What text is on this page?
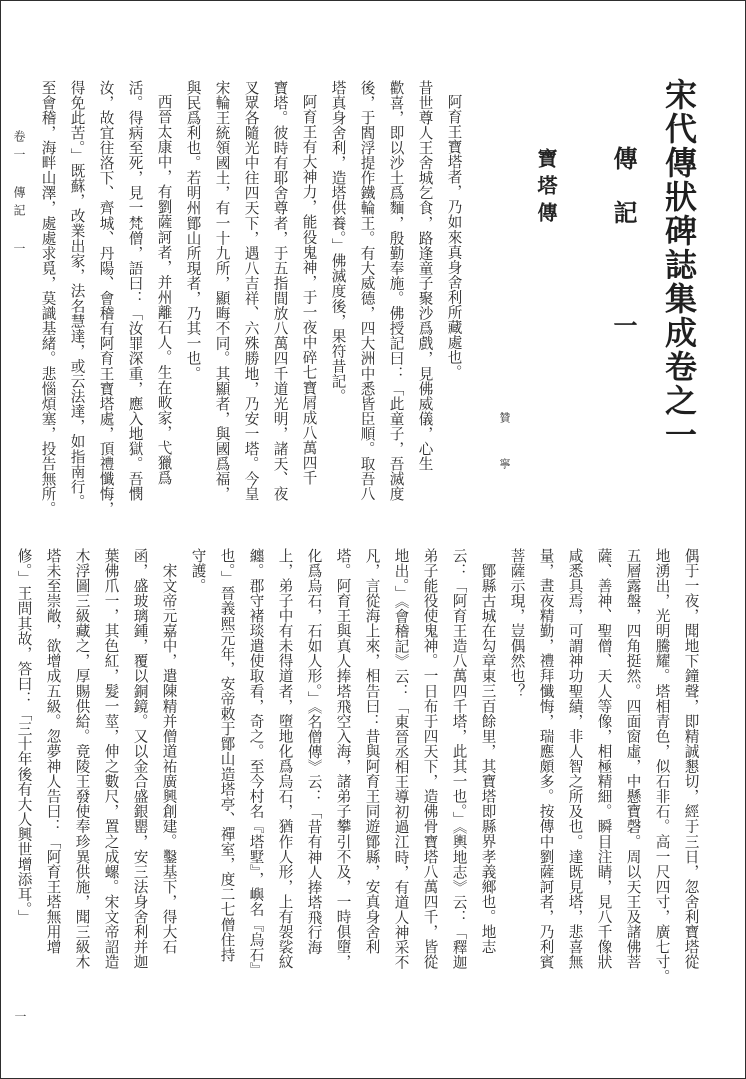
宋代傳狀碑誌集成卷之一
傳記 一
寶塔傳
贊 寧
阿育王寶塔者，乃如來真身舍利所藏處也。
昔世尊人王舍城乞食，路逢童子聚沙爲戲，見佛威儀，心生
歡喜，即以沙土爲麵，殷勤奉施。佛授記曰：「此童子，吾滅度
後，于閻浮提作鐵輪王。有大威德，四大洲中悉皆臣順。取吾八
塔真身舍利，造塔供養。」佛滅度後，果符昔記。
阿育王有大神力，能役鬼神，于一夜中碎七寶屑成八萬四千
寶塔。彼時有耶舍尊者，于五指間放八萬四千道光明，諸天、夜
叉眾各隨光中往四天下，遇八吉祥、六殊勝地，乃安一塔。今皇
宋輪王統領國土，有一十九所，顯晦不同。其顯者，與國爲福，
與民爲利也。若明州鄮山所現者，乃其一也。
西晉太康中，有劉薩訶者，并州離石人。生在畋家，弋獵爲
活。得病至死，見一梵僧，語曰：「汝罪深重，應入地獄。吾憫
汝，故宜往洛下、齊城、丹陽、會稽有阿育王寶塔處，頂禮懺悔，
得免此苦。」既蘇，改業出家，法名慧達，或云法達，如指南行。
至會稽，海畔山澤，處處求覓，莫識基緒。悲惱煩塞，投告無所。
卷一 傳記 一
偶于一夜，聞地下鐘聲，即精誠懇切，經于三日，忽舍利寶塔從
地湧出，光明騰耀。塔相青色，似石非石。高一尺四寸，廣七寸。
五層露盤，四角挺然。四面窗虛，中懸寶磬。周以天王及諸佛菩
薩、善神、聖僧、天人等像，相極精細。瞬目注睛，見八千像狀
咸悉具焉，可謂神功聖績，非人智之所及也。達既見塔，悲喜無
量，晝夜精勤，禮拜懺悔，瑞應頗多。按傳中劉薩訶者，乃利賓
菩薩示現，豈偶然也？
鄮縣古城在勾章東三百餘里，其寶塔即縣界孝義鄉也。地志
云：「阿育王造八萬四千塔，此其一也。」《輿地志》云：「釋迦
弟子能役使鬼神。一日布于四天下，造佛骨寶塔八萬四千，皆從
地出。」《會稽記》云：「東晉丞相王導初過江時，有道人神采不
凡，言從海上來，相告曰：昔與阿育王同遊鄮縣，安真身舍利
塔。阿育王與真人捧塔飛空入海，諸弟子攀引不及，一時俱墮，
化爲烏石，石如人形。」《名僧傳》云：「昔有神人捧塔飛行海
上，弟子中有未得道者，墮地化爲烏石，猶作人形，上有袈裟紋
纏。郡守褚琰遣使取看，奇之。至今村名『塔墅』，嶼名『烏石』
也。」晉義熙元年，安帝敕于鄮山造塔亭、禪室，度二七僧住持
守護。
宋文帝元嘉中，遣陳精并僧道祐廣興創建。鑿基下，得大石
函，盛玻璃鍾，覆以銅鏡。又以金合盛銀罌，安三法身舍利并迦
葉佛爪一，其色紅，髮一莖，伸之數尺，置之成螺。宋文帝詔造
木浮圖三級藏之，厚賜供給。竟陵王發使奉珍異供施，聞三級木
塔未至崇敞，欲增成五級。忽夢神人告曰：「阿育王塔無用增
修。」王問其故，答曰：「三十年後有大人興世增添耳。」
一
